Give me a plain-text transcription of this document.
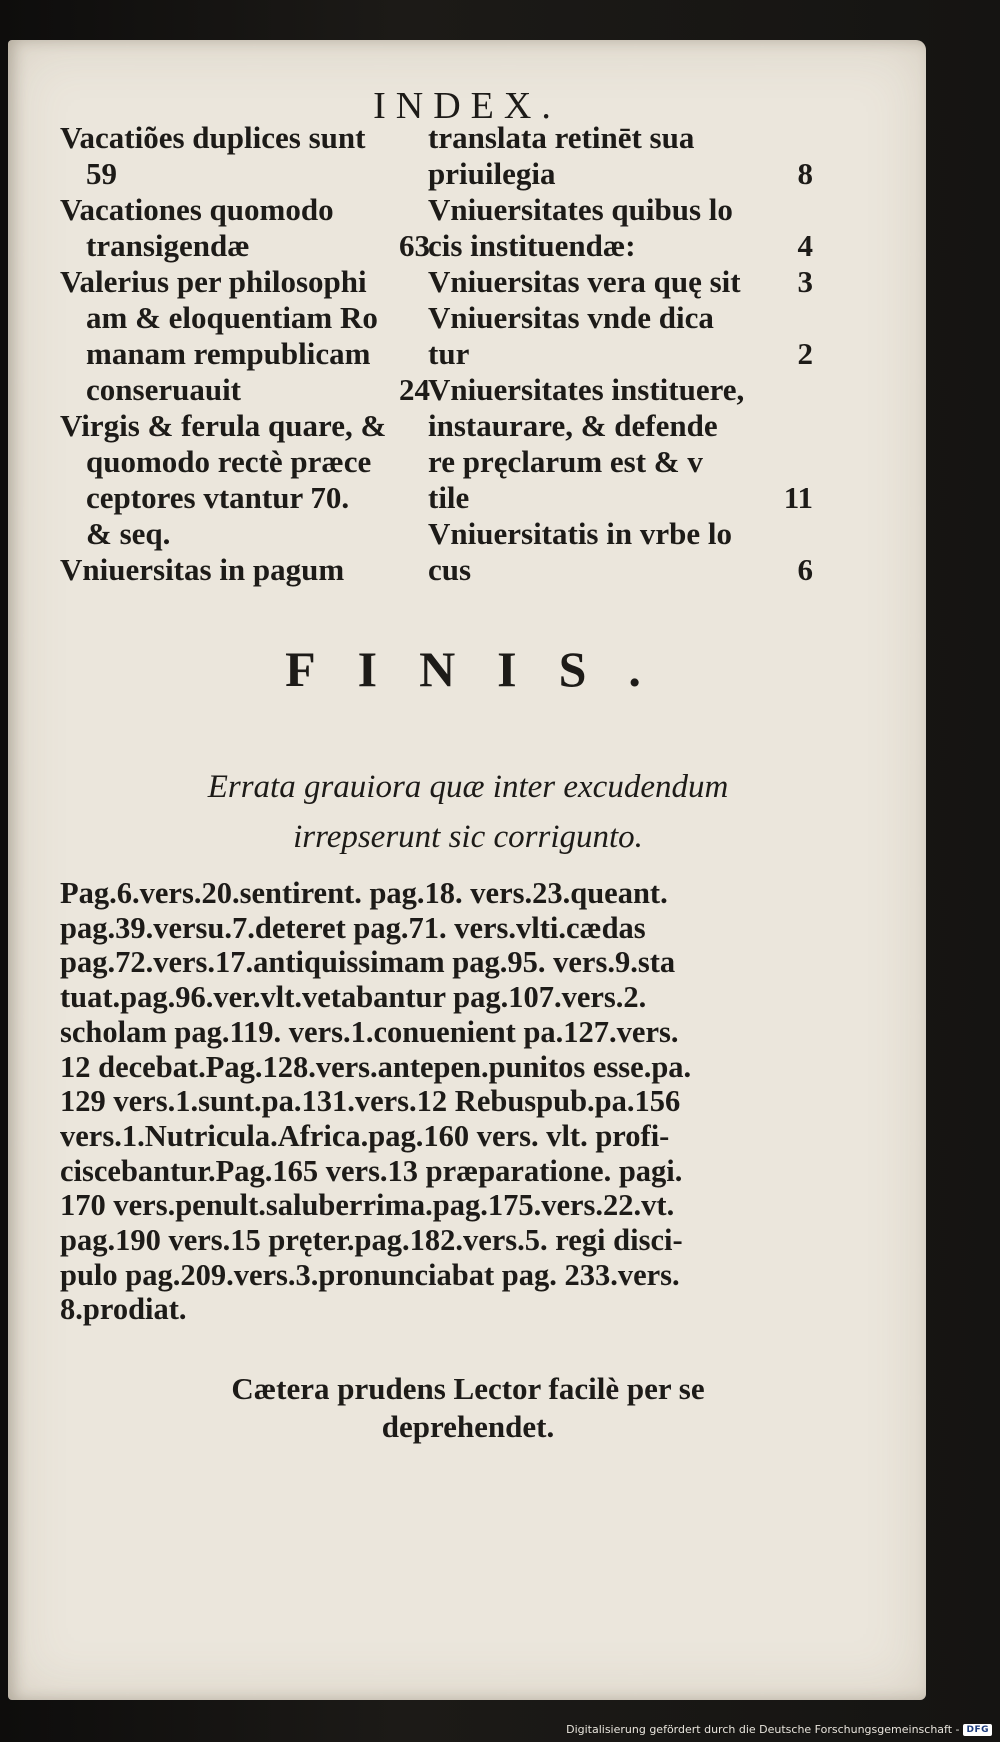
INDEX.
Vacatiões duplices sunt
59
Vacationes quomodo
transigendæ	63
Valerius per philosophi
am & eloquentiam Ro
manam rempublicam
conseruauit	24
Virgis & ferula quare, &
quomodo rectè præce
ceptores vtantur 70.
& seq.
Vniuersitas in pagum
translata retinēt sua
priuilegia	8
Vniuersitates quibus lo
cis instituendæ:	4
Vniuersitas vera quę sit 3
Vniuersitas vnde dica
tur	2
Vniuersitates instituere,
instaurare, & defende
re pręclarum est & v
tile	11
Vniuersitatis in vrbe lo
cus	6
FINIS.
Errata grauiora quæ inter excudendum
irrepserunt sic corriguntο.
Pag.6.vers.20.sentirent. pag.18. vers.23.queant.
pag.39.versu.7.deteret pag.71. vers.vlti.cædas
pag.72.vers.17.antiquissimam pag.95. vers.9.sta
tuat.pag.96.ver.vlt.vetabantur pag.107.vers.2.
scholam pag.119. vers.1.conuenient pa.127.vers.
12 decebat.Pag.128.vers.antepen.punitos esse.pa.
129 vers.1.sunt.pa.131.vers.12 Rebuspub.pa.156
vers.1.Nutricula.Africa.pag.160 vers. vlt. profi-
ciscebantur.Pag.165 vers.13 præparatione. pagi.
170 vers.penult.saluberrima.pag.175.vers.22.vt.
pag.190 vers.15 pręter.pag.182.vers.5. regi disci-
pulo pag.209.vers.3.pronunciabat pag. 233.vers.
8.prodiat.
Cætera prudens Lector facilè per se
deprehendet.
Digitalisierung gefördert durch die Deutsche Forschungsgemeinschaft - DFG
